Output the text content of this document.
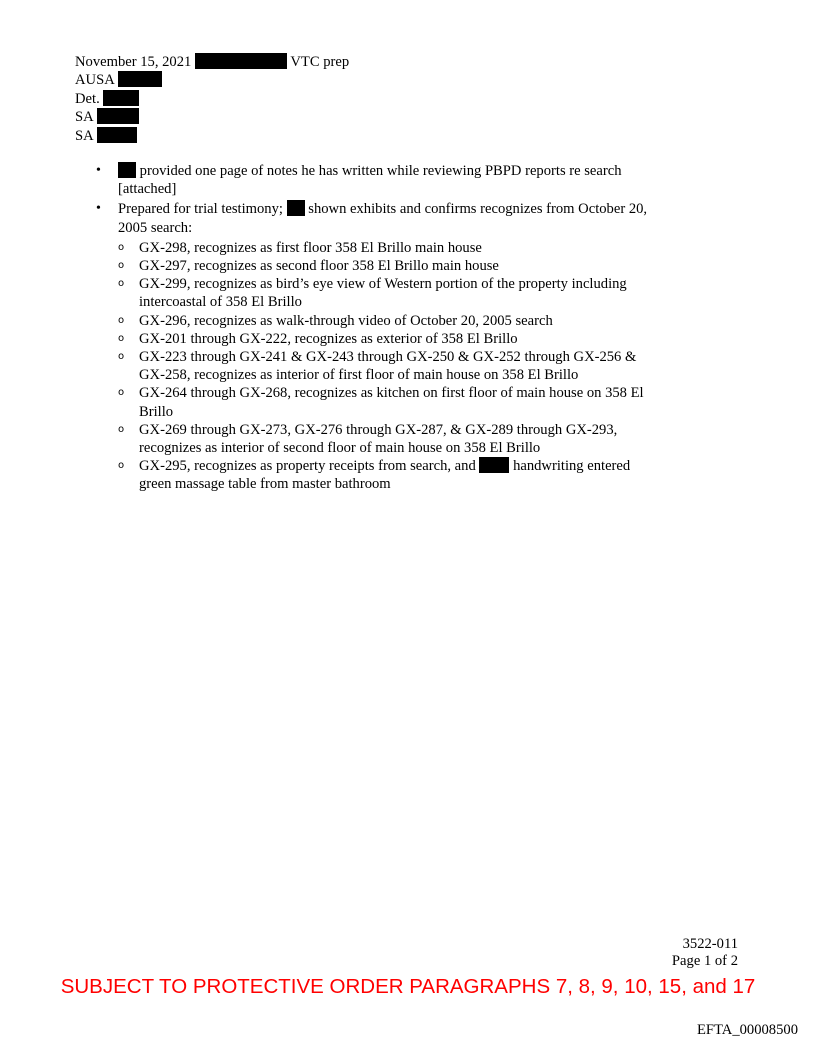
November 15, 2021	VTC prep
AUSA
Det.
SA
SA
•	provided one page of notes he has written while reviewing PBPD reports re search [attached]
• Prepared for trial testimony; shown exhibits and confirms recognizes from October 20, 2005 search:
o GX-298, recognizes as first floor 358 El Brillo main house
o GX-297, recognizes as second floor 358 El Brillo main house
o GX-299, recognizes as bird’s eye view of Western portion of the property including intercoastal of 358 El Brillo
o GX-296, recognizes as walk-through video of October 20, 2005 search
o GX-201 through GX-222, recognizes as exterior of 358 El Brillo
o GX-223 through GX-241 & GX-243 through GX-250 & GX-252 through GX-256 & GX-258, recognizes as interior of first floor of main house on 358 El Brillo
o GX-264 through GX-268, recognizes as kitchen on first floor of main house on 358 El Brillo
o GX-269 through GX-273, GX-276 through GX-287, & GX-289 through GX-293, recognizes as interior of second floor of main house on 358 El Brillo
o GX-295, recognizes as property receipts from search, and	handwriting entered green massage table from master bathroom
3522-011
Page 1 of 2
SUBJECT TO PROTECTIVE ORDER PARAGRAPHS 7, 8, 9, 10, 15, and 17
EFTA_00008500
